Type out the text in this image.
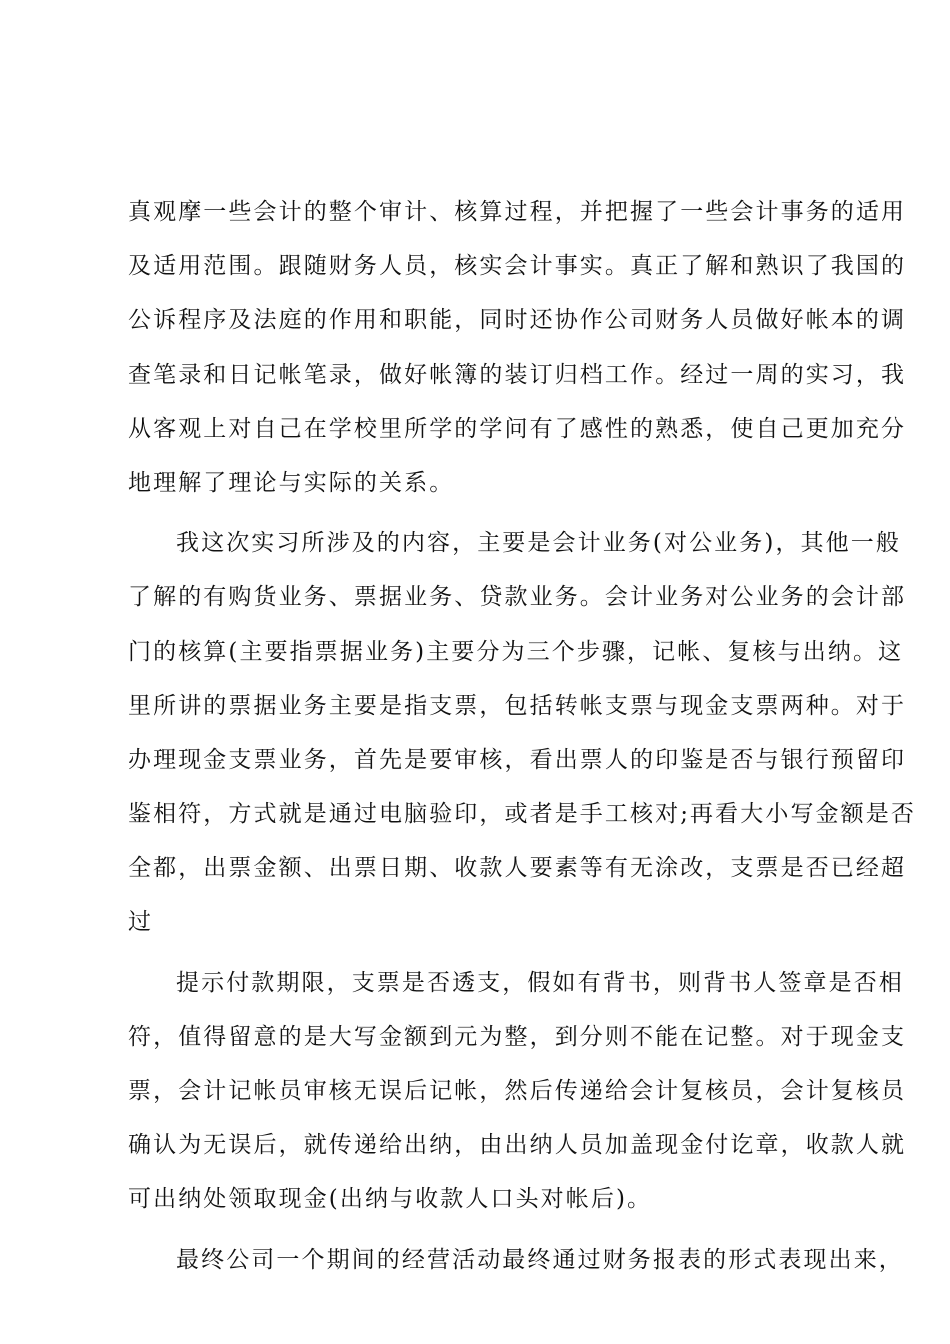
真观摩一些会计的整个审计、核算过程，并把握了一些会计事务的适用
及适用范围。跟随财务人员，核实会计事实。真正了解和熟识了我国的
公诉程序及法庭的作用和职能，同时还协作公司财务人员做好帐本的调
查笔录和日记帐笔录，做好帐簿的装订归档工作。经过一周的实习，我
从客观上对自己在学校里所学的学问有了感性的熟悉，使自己更加充分
地理解了理论与实际的关系。
我这次实习所涉及的内容，主要是会计业务(对公业务)，其他一般
了解的有购货业务、票据业务、贷款业务。会计业务对公业务的会计部
门的核算(主要指票据业务)主要分为三个步骤，记帐、复核与出纳。这
里所讲的票据业务主要是指支票，包括转帐支票与现金支票两种。对于
办理现金支票业务，首先是要审核，看出票人的印鉴是否与银行预留印
鉴相符，方式就是通过电脑验印，或者是手工核对;再看大小写金额是否
全都，出票金额、出票日期、收款人要素等有无涂改，支票是否已经超
过
提示付款期限，支票是否透支，假如有背书，则背书人签章是否相
符，值得留意的是大写金额到元为整，到分则不能在记整。对于现金支
票，会计记帐员审核无误后记帐，然后传递给会计复核员，会计复核员
确认为无误后，就传递给出纳，由出纳人员加盖现金付讫章，收款人就
可出纳处领取现金(出纳与收款人口头对帐后)。
最终公司一个期间的经营活动最终通过财务报表的形式表现出来，
